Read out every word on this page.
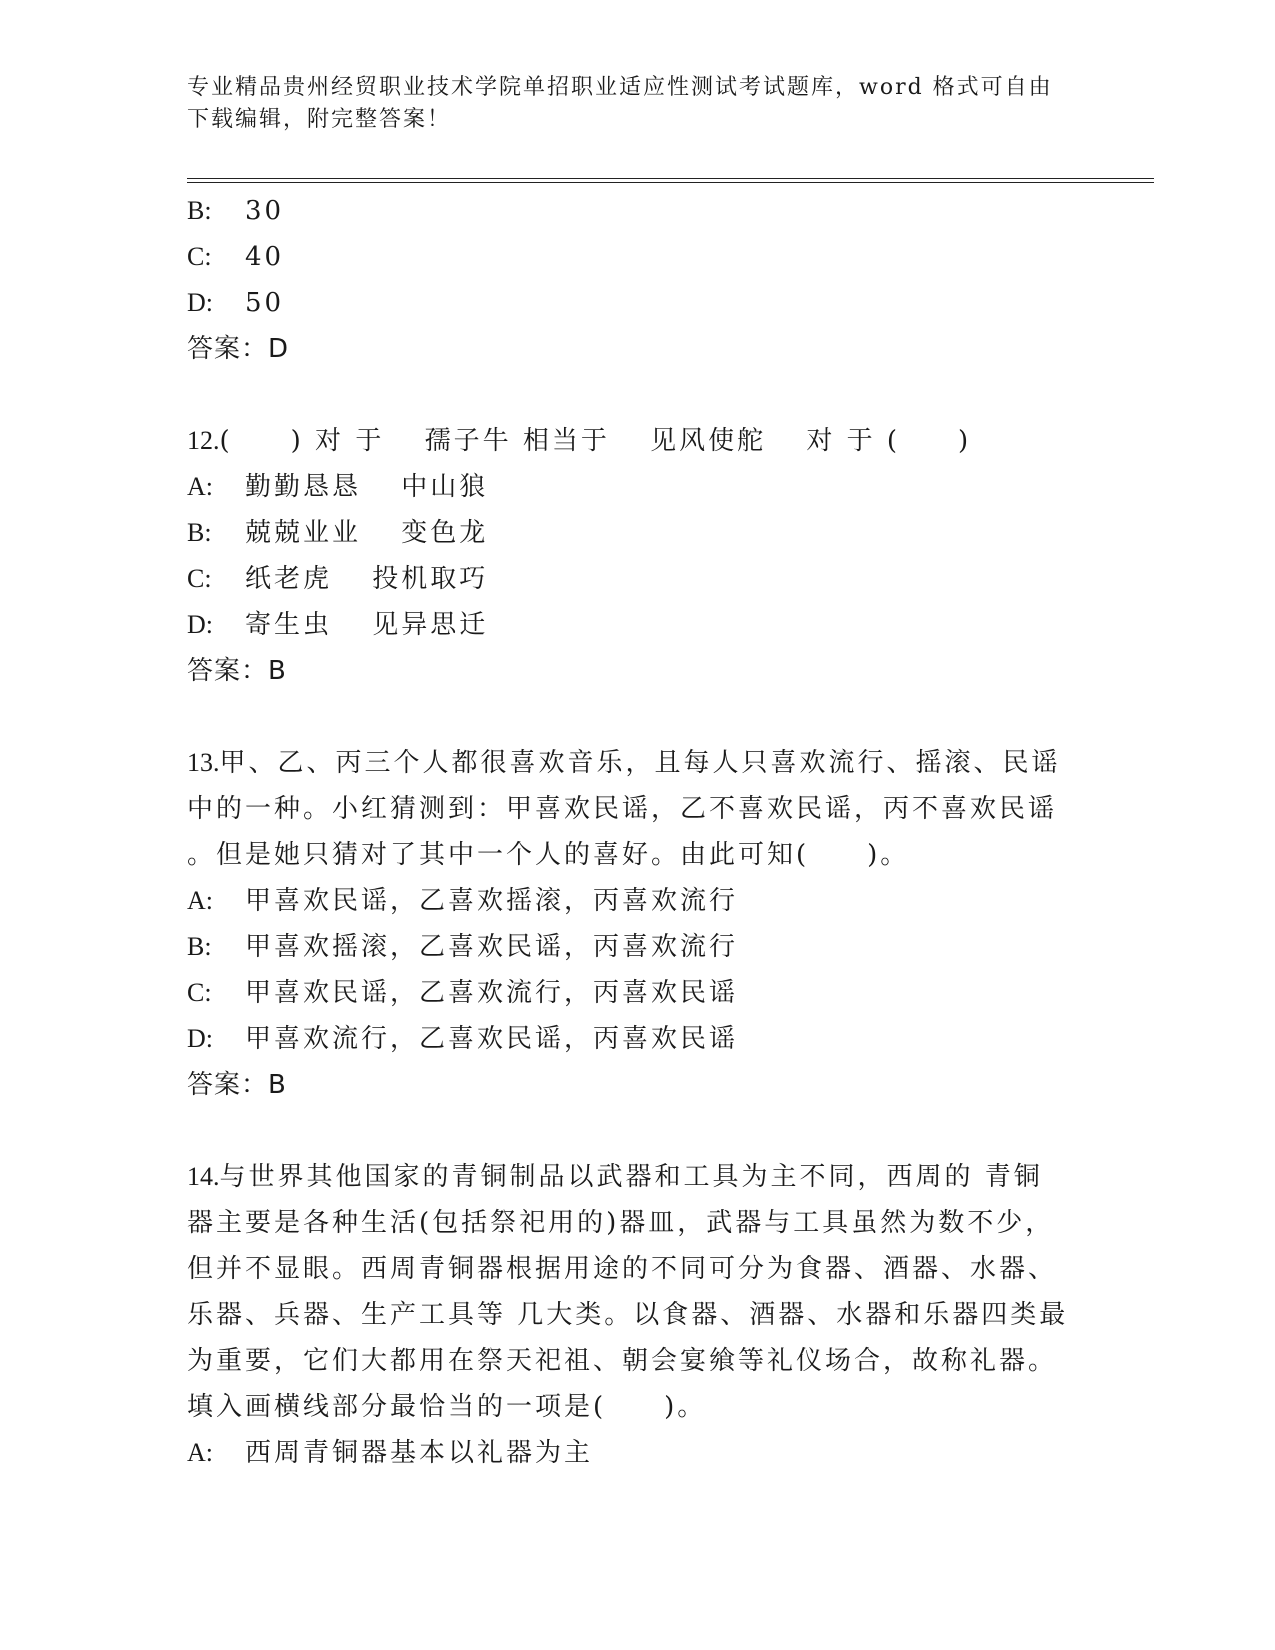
专业精品贵州经贸职业技术学院单招职业适应性测试考试题库，word 格式可自由
下载编辑，附完整答案！
B:	30
C:	40
D:	50
答案：D
12.(　　) 对 于　 孺子牛 相当于　 见风使舵　 对 于 (　　)
A:	勤勤恳恳　 中山狼
B:	兢兢业业　 变色龙
C:	纸老虎　 投机取巧
D:	寄生虫　 见异思迁
答案：B
13.甲、乙、丙三个人都很喜欢音乐，且每人只喜欢流行、摇滚、民谣
中的一种。小红猜测到：甲喜欢民谣，乙不喜欢民谣，丙不喜欢民谣
。但是她只猜对了其中一个人的喜好。由此可知(　　)。
A:	甲喜欢民谣，乙喜欢摇滚，丙喜欢流行
B:	甲喜欢摇滚，乙喜欢民谣，丙喜欢流行
C:	甲喜欢民谣，乙喜欢流行，丙喜欢民谣
D:	甲喜欢流行，乙喜欢民谣，丙喜欢民谣
答案：B
14.与世界其他国家的青铜制品以武器和工具为主不同，西周的 青铜
器主要是各种生活(包括祭祀用的)器皿，武器与工具虽然为数不少，
但并不显眼。西周青铜器根据用途的不同可分为食器、酒器、水器、
乐器、兵器、生产工具等 几大类。以食器、酒器、水器和乐器四类最
为重要，它们大都用在祭天祀祖、朝会宴飨等礼仪场合，故称礼器。
填入画横线部分最恰当的一项是(　　)。
A:	西周青铜器基本以礼器为主
